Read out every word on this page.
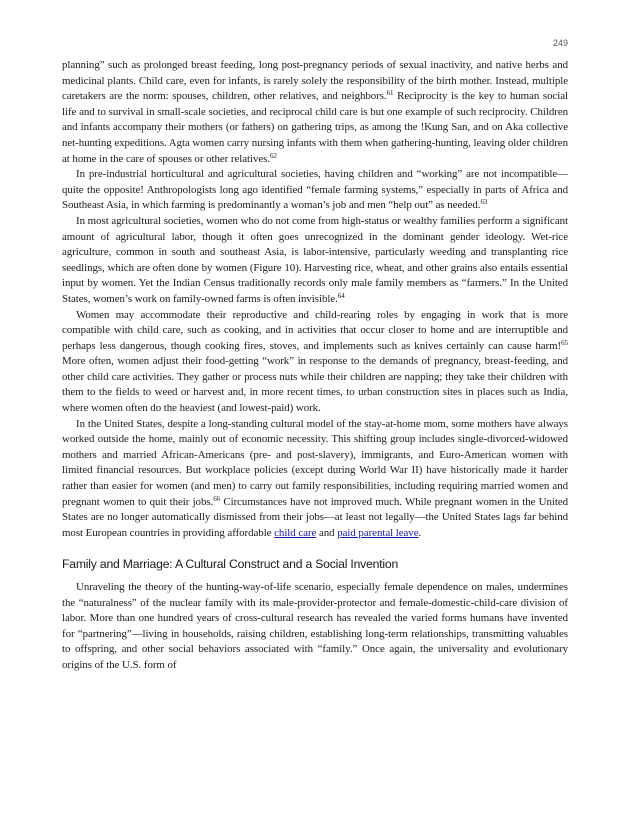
249

planning” such as prolonged breast feeding, long post-pregnancy periods of sexual inactivity, and native herbs and medicinal plants. Child care, even for infants, is rarely solely the responsibility of the birth mother. Instead, multiple caretakers are the norm: spouses, children, other relatives, and neighbors.$^{61}$ Reciprocity is the key to human social life and to survival in small-scale societies, and reciprocal child care is but one example of such reciprocity. Children and infants accompany their mothers (or fathers) on gathering trips, as among the !Kung San, and on Aka collective net-hunting expeditions. Agta women carry nursing infants with them when gathering-hunting, leaving older children at home in the care of spouses or other relatives.$^{62}$

In pre-industrial horticultural and agricultural societies, having children and “working” are not incompatible—quite the opposite! Anthropologists long ago identified “female farming systems,” especially in parts of Africa and Southeast Asia, in which farming is predominantly a woman’s job and men “help out” as needed.$^{63}$

In most agricultural societies, women who do not come from high-status or wealthy families perform a significant amount of agricultural labor, though it often goes unrecognized in the dominant gender ideology. Wet-rice agriculture, common in south and southeast Asia, is labor-intensive, particularly weeding and transplanting rice seedlings, which are often done by women (Figure 10). Harvesting rice, wheat, and other grains also entails essential input by women. Yet the Indian Census traditionally records only male family members as “farmers.” In the United States, women’s work on family-owned farms is often invisible.$^{64}$

Women may accommodate their reproductive and child-rearing roles by engaging in work that is more compatible with child care, such as cooking, and in activities that occur closer to home and are interruptible and perhaps less dangerous, though cooking fires, stoves, and implements such as knives certainly can cause harm!$^{65}$ More often, women adjust their food-getting “work” in response to the demands of pregnancy, breast-feeding, and other child care activities. They gather or process nuts while their children are napping; they take their children with them to the fields to weed or harvest and, in more recent times, to urban construction sites in places such as India, where women often do the heaviest (and lowest-paid) work.

In the United States, despite a long-standing cultural model of the stay-at-home mom, some mothers have always worked outside the home, mainly out of economic necessity. This shifting group includes single-divorced-widowed mothers and married African-Americans (pre- and post-slavery), immigrants, and Euro-American women with limited financial resources. But workplace policies (except during World War II) have historically made it harder rather than easier for women (and men) to carry out family responsibilities, including requiring married women and pregnant women to quit their jobs.$^{66}$ Circumstances have not improved much. While pregnant women in the United States are no longer automatically dismissed from their jobs—at least not legally—the United States lags far behind most European countries in providing affordable child care and paid parental leave.

Family and Marriage: A Cultural Construct and a Social Invention

Unraveling the theory of the hunting-way-of-life scenario, especially female dependence on males, undermines the “naturalness” of the nuclear family with its male-provider-protector and female-domestic-child-care division of labor. More than one hundred years of cross-cultural research has revealed the varied forms humans have invented for “partnering”—living in households, raising children, establishing long-term relationships, transmitting valuables to offspring, and other social behaviors associated with “family.” Once again, the universality and evolutionary origins of the U.S. form of
